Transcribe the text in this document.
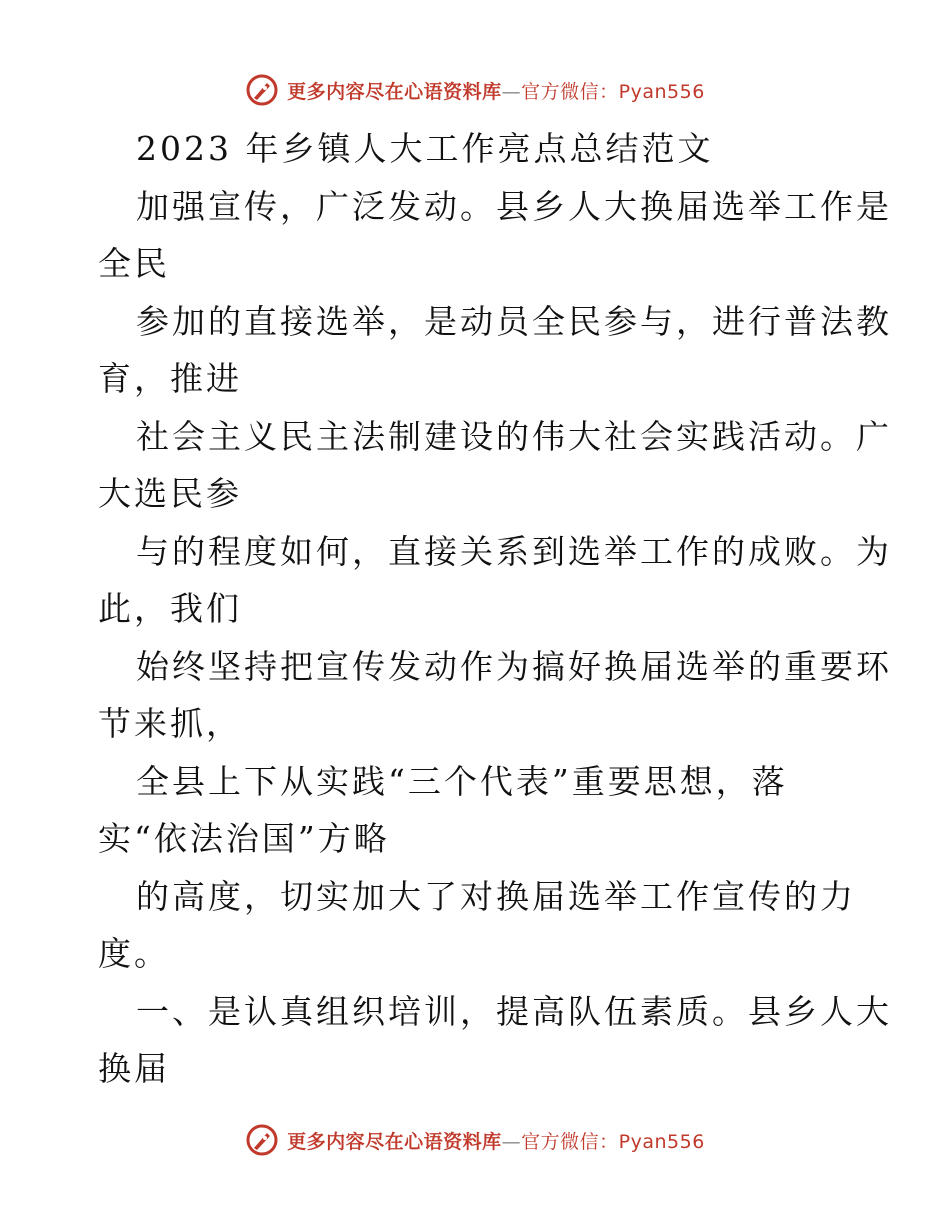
更多内容尽在心语资料库—官方微信：Pyan556
2023 年乡镇人大工作亮点总结范文
加强宣传，广泛发动。县乡人大换届选举工作是
全民
参加的直接选举，是动员全民参与，进行普法教
育，推进
社会主义民主法制建设的伟大社会实践活动。广
大选民参
与的程度如何，直接关系到选举工作的成败。为
此，我们
始终坚持把宣传发动作为搞好换届选举的重要环
节来抓，
全县上下从实践“三个代表”重要思想，落
实“依法治国”方略
的高度，切实加大了对换届选举工作宣传的力
度。
一、是认真组织培训，提高队伍素质。县乡人大
换届
更多内容尽在心语资料库—官方微信：Pyan556
